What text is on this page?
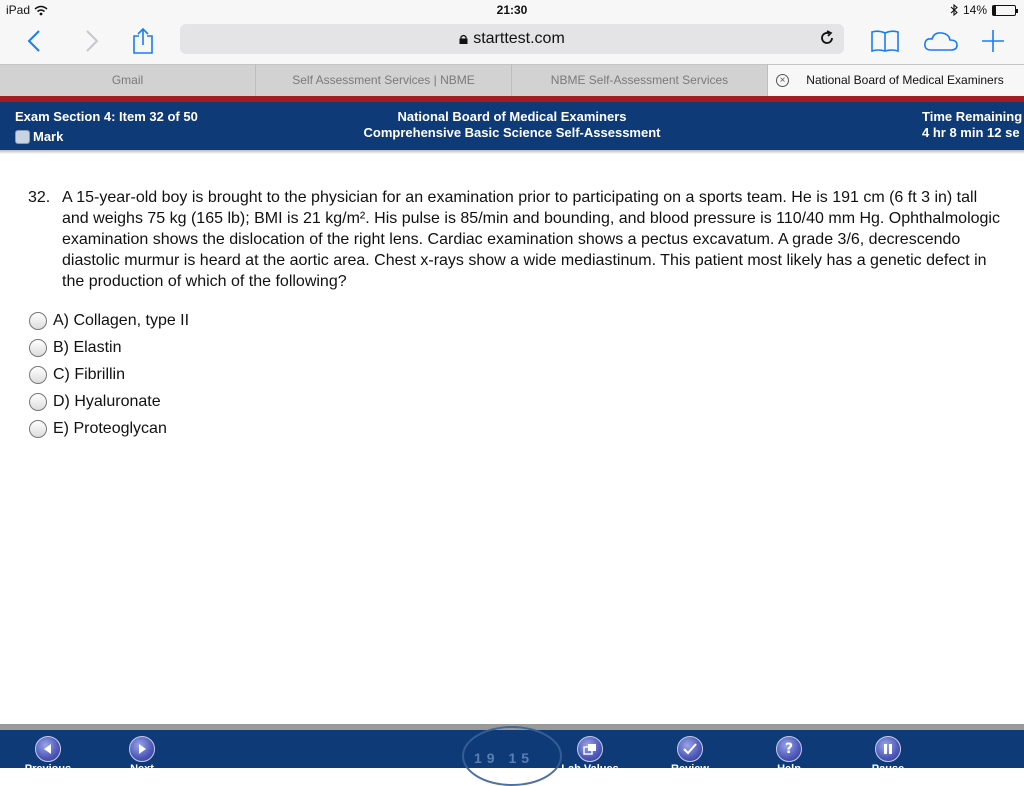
iPad	21:30	14%
starttest.com
Gmail	Self Assessment Services | NBME	NBME Self-Assessment Services	× National Board of Medical Examiners
Exam Section 4: Item 32 of 50
Mark
National Board of Medical Examiners
Comprehensive Basic Science Self-Assessment
Time Remaining
4 hr 8 min 12 se
32. A 15-year-old boy is brought to the physician for an examination prior to participating on a sports team. He is 191 cm (6 ft 3 in) tall and weighs 75 kg (165 lb); BMI is 21 kg/m². His pulse is 85/min and bounding, and blood pressure is 110/40 mm Hg. Ophthalmologic examination shows the dislocation of the right lens. Cardiac examination shows a pectus excavatum. A grade 3/6, decrescendo diastolic murmur is heard at the aortic area. Chest x-rays show a wide mediastinum. This patient most likely has a genetic defect in the production of which of the following?
A) Collagen, type II
B) Elastin
C) Fibrillin
D) Hyaluronate
E) Proteoglycan
19 15
Previous	Next	Lab Values	Review
?
Help	Pause
